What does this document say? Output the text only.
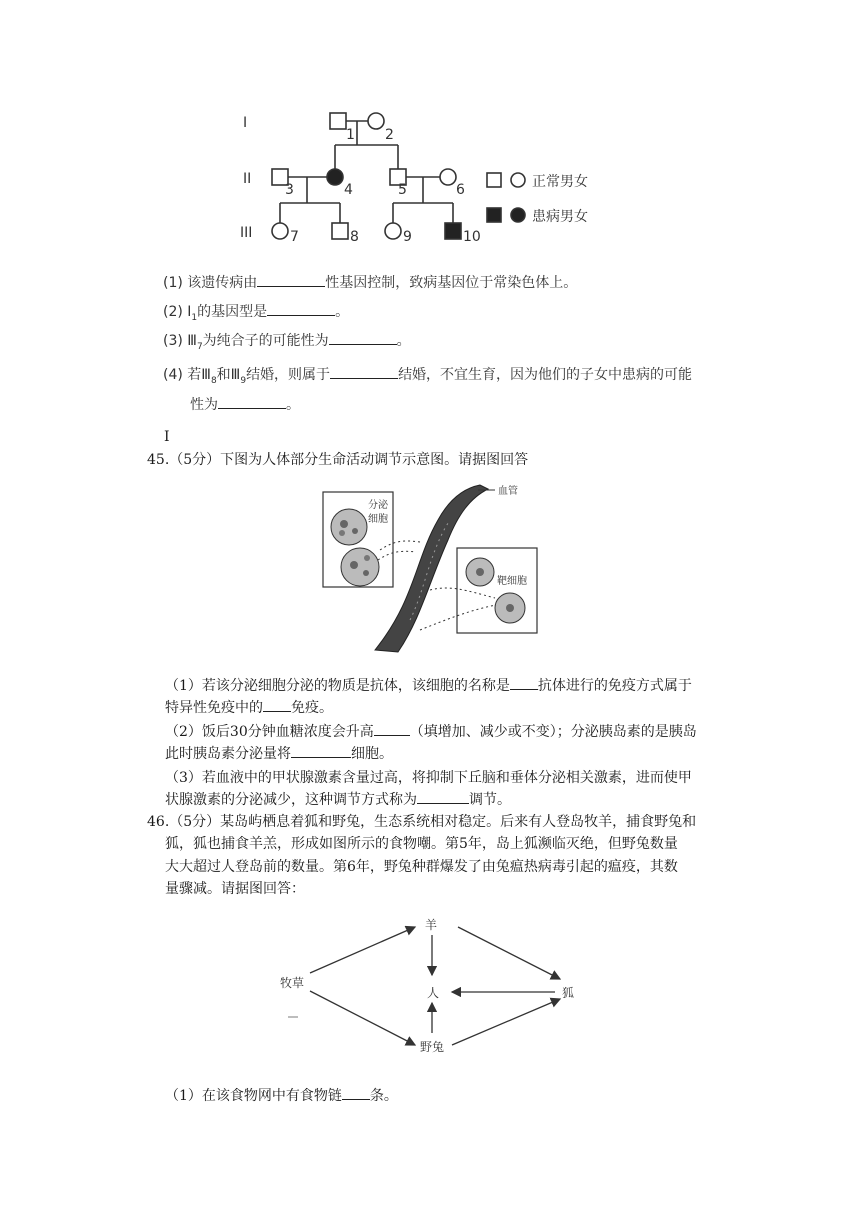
I
II
III
1 2
3	4	5	6
7	8	9	10
正常男女
患病男女
(1) 该遗传病由	性基因控制，致病基因位于常染色体上。
(2) $Ⅰ_1$的基因型是	。
(3) $Ⅲ_7$为纯合子的可能性为	。
(4) 若$Ⅲ_8$和$Ⅲ_9$结婚，则属于	结婚，不宜生育，因为他们的子女中患病的可能
性为	。
I
45.（5分）下图为人体部分生命活动调节示意图。请据图回答
分泌
细胞
血管
靶细胞
（1）若该分泌细胞分泌的物质是抗体，该细胞的名称是 抗体进行的免疫方式属于
特异性免疫中的 免疫。
（2）饭后30分钟血糖浓度会升高	（填增加、减少或不变）；分泌胰岛素的是胰岛
此时胰岛素分泌量将	细胞。
（3）若血液中的甲状腺激素含量过高，将抑制下丘脑和垂体分泌相关激素，进而使甲
状腺激素的分泌减少，这种调节方式称为	调节。
46.（5分）某岛屿栖息着狐和野兔，生态系统相对稳定。后来有人登岛牧羊，捕食野兔和
狐，狐也捕食羊羔，形成如图所示的食物嘲。第5年，岛上狐濒临灭绝，但野兔数量
大大超过人登岛前的数量。第6年，野兔种群爆发了由兔瘟热病毒引起的瘟疫，其数
量骤减。请据图回答：
羊
牧草
人	狐
野兔
（1）在该食物网中有食物链 条。
